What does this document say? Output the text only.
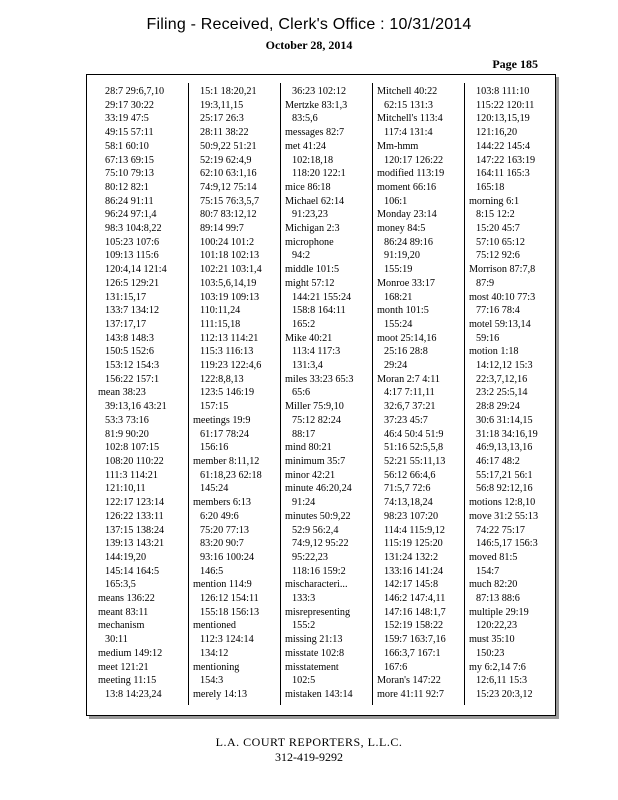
Filing - Received, Clerk's Office : 10/31/2014
October 28, 2014
Page 185
28:7 29:6,7,10
29:17 30:22
33:19 47:5
49:15 57:11
58:1 60:10
67:13 69:15
75:10 79:13
80:12 82:1
86:24 91:11
96:24 97:1,4
98:3 104:8,22
105:23 107:6
109:13 115:6
120:4,14 121:4
126:5 129:21
131:15,17
133:7 134:12
137:17,17
143:8 148:3
150:5 152:6
153:12 154:3
156:22 157:1
mean 38:23
39:13,16 43:21
53:3 73:16
81:9 90:20
102:8 107:15
108:20 110:22
111:3 114:21
121:10,11
122:17 123:14
126:22 133:11
137:15 138:24
139:13 143:21
144:19,20
145:14 164:5
165:3,5
means 136:22
meant 83:11
mechanism
30:11
medium 149:12
meet 121:21
meeting 11:15
13:8 14:23,24
15:1 18:20,21
19:3,11,15
25:17 26:3
28:11 38:22
50:9,22 51:21
52:19 62:4,9
62:10 63:1,16
74:9,12 75:14
75:15 76:3,5,7
80:7 83:12,12
89:14 99:7
100:24 101:2
101:18 102:13
102:21 103:1,4
103:5,6,14,19
103:19 109:13
110:11,24
111:15,18
112:13 114:21
115:3 116:13
119:23 122:4,6
122:8,8,13
123:5 146:19
157:15
meetings 19:9
61:17 78:24
156:16
member 8:11,12
61:18,23 62:18
145:24
members 6:13
6:20 49:6
75:20 77:13
83:20 90:7
93:16 100:24
146:5
mention 114:9
126:12 154:11
155:18 156:13
mentioned
112:3 124:14
134:12
mentioning
154:3
merely 14:13
36:23 102:12
Mertzke 83:1,3
83:5,6
messages 82:7
met 41:24
102:18,18
118:20 122:1
mice 86:18
Michael 62:14
91:23,23
Michigan 2:3
microphone
94:2
middle 101:5
might 57:12
144:21 155:24
158:8 164:11
165:2
Mike 40:21
113:4 117:3
131:3,4
miles 33:23 65:3
65:6
Miller 75:9,10
75:12 82:24
88:17
mind 80:21
minimum 35:7
minor 42:21
minute 46:20,24
91:24
minutes 50:9,22
52:9 56:2,4
74:9,12 95:22
95:22,23
118:16 159:2
mischaracteri...
133:3
misrepresenting
155:2
missing 21:13
misstate 102:8
misstatement
102:5
mistaken 143:14
Mitchell 40:22
62:15 131:3
Mitchell's 113:4
117:4 131:4
Mm-hmm
120:17 126:22
modified 113:19
moment 66:16
106:1
Monday 23:14
money 84:5
86:24 89:16
91:19,20
155:19
Monroe 33:17
168:21
month 101:5
155:24
moot 25:14,16
25:16 28:8
29:24
Moran 2:7 4:11
4:17 7:11,11
32:6,7 37:21
37:23 45:7
46:4 50:4 51:9
51:16 52:5,5,8
52:21 55:11,13
56:12 66:4,6
71:5,7 72:6
74:13,18,24
98:23 107:20
114:4 115:9,12
115:19 125:20
131:24 132:2
133:16 141:24
142:17 145:8
146:2 147:4,11
147:16 148:1,7
152:19 158:22
159:7 163:7,16
166:3,7 167:1
167:6
Moran's 147:22
more 41:11 92:7
103:8 111:10
115:22 120:11
120:13,15,19
121:16,20
144:22 145:4
147:22 163:19
164:11 165:3
165:18
morning 6:1
8:15 12:2
15:20 45:7
57:10 65:12
75:12 92:6
Morrison 87:7,8
87:9
most 40:10 77:3
77:16 78:4
motel 59:13,14
59:16
motion 1:18
14:12,12 15:3
22:3,7,12,16
23:2 25:5,14
28:8 29:24
30:6 31:14,15
31:18 34:16,19
46:9,13,13,16
46:17 48:2
55:17,21 56:1
56:8 92:12,16
motions 12:8,10
move 31:2 55:13
74:22 75:17
146:5,17 156:3
moved 81:5
154:7
much 82:20
87:13 88:6
multiple 29:19
120:22,23
must 35:10
150:23
my 6:2,14 7:6
12:6,11 15:3
15:23 20:3,12
L.A. COURT REPORTERS, L.L.C.
312-419-9292
